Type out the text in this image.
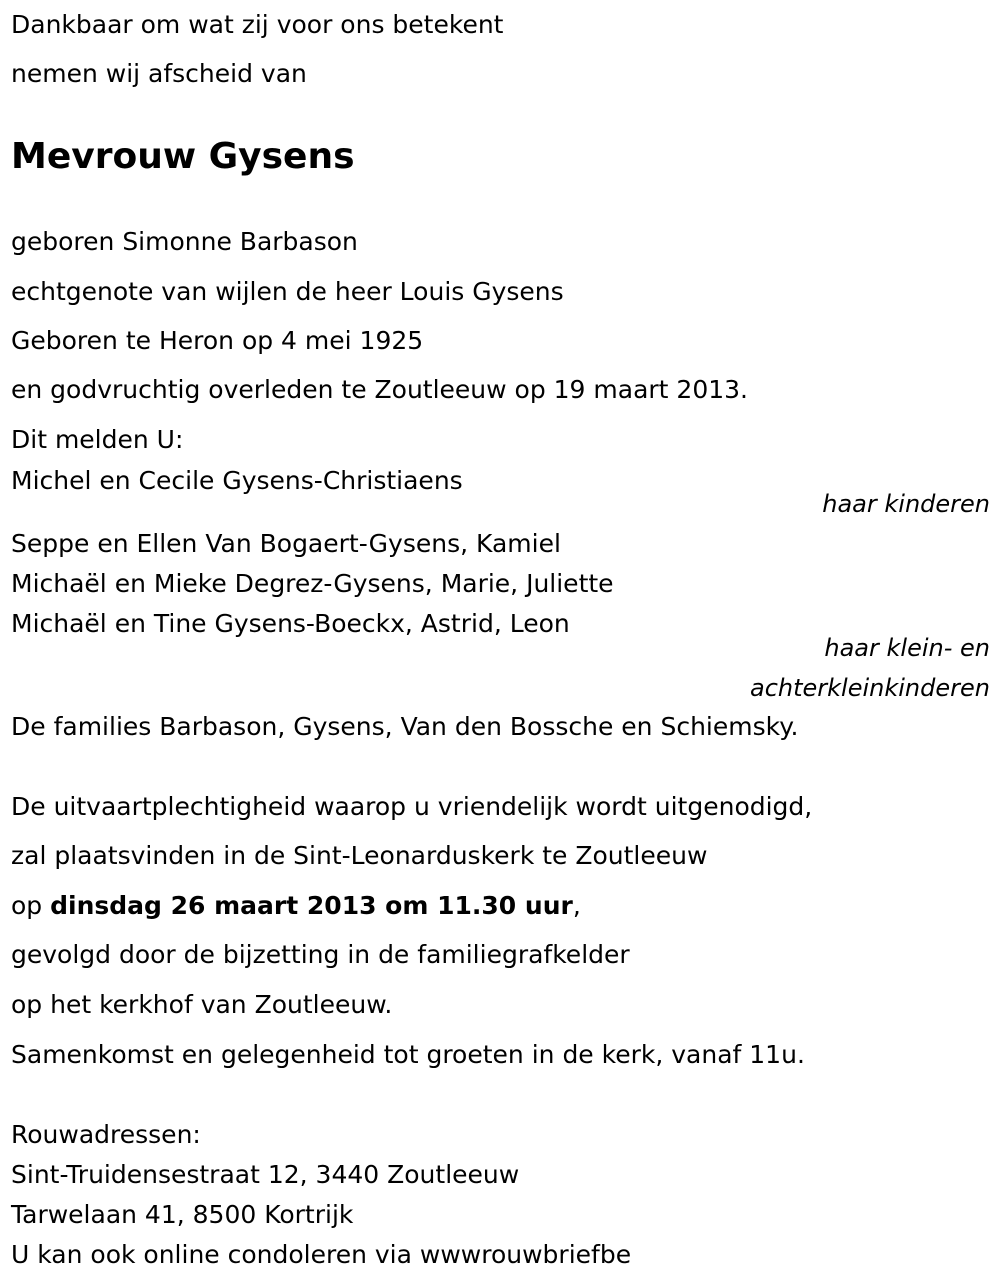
Dankbaar om wat zij voor ons betekent
nemen wij afscheid van
Mevrouw Gysens
geboren Simonne Barbason
echtgenote van wijlen de heer Louis Gysens
Geboren te Heron op 4 mei 1925
en godvruchtig overleden te Zoutleeuw op 19 maart 2013.
Dit melden U:
Michel en Cecile Gysens-Christiaens
haar kinderen
Seppe en Ellen Van Bogaert-Gysens, Kamiel
Michaël en Mieke Degrez-Gysens, Marie, Juliette
Michaël en Tine Gysens-Boeckx, Astrid, Leon
haar klein- en
achterkleinkinderen
De families Barbason, Gysens, Van den Bossche en Schiemsky.
De uitvaartplechtigheid waarop u vriendelijk wordt uitgenodigd,
zal plaatsvinden in de Sint-Leonarduskerk te Zoutleeuw
op dinsdag 26 maart 2013 om 11.30 uur,
gevolgd door de bijzetting in de familiegrafkelder
op het kerkhof van Zoutleeuw.
Samenkomst en gelegenheid tot groeten in de kerk, vanaf 11u.
Rouwadressen:
Sint-Truidensestraat 12, 3440 Zoutleeuw
Tarwelaan 41, 8500 Kortrijk
U kan ook online condoleren via wwwrouwbriefbe
